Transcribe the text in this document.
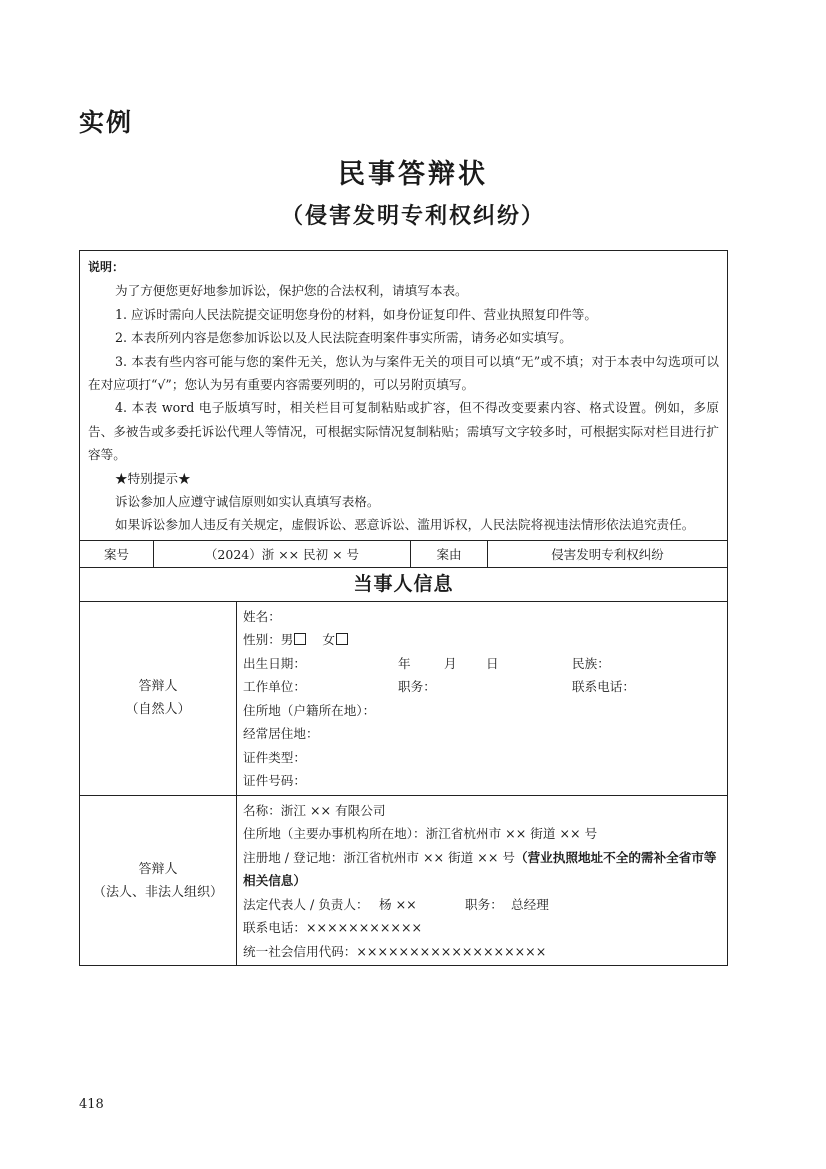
实例
民事答辩状
（侵害发明专利权纠纷）
说明：

为了方便您更好地参加诉讼，保护您的合法权利，请填写本表。

1. 应诉时需向人民法院提交证明您身份的材料，如身份证复印件、营业执照复印件等。

2. 本表所列内容是您参加诉讼以及人民法院查明案件事实所需，请务必如实填写。

3. 本表有些内容可能与您的案件无关，您认为与案件无关的项目可以填“无”或不填；对于本表中勾选项可以在对应项打“√”；您认为另有重要内容需要列明的，可以另附页填写。

4. 本表 word 电子版填写时，相关栏目可复制粘贴或扩容，但不得改变要素内容、格式设置。例如，多原告、多被告或多委托诉讼代理人等情况，可根据实际情况复制粘贴；需填写文字较多时，可根据实际对栏目进行扩容等。

★特别提示★

诉讼参加人应遵守诚信原则如实认真填写表格。

如果诉讼参加人违反有关规定，虚假诉讼、恶意诉讼、滥用诉权，人民法院将视违法情形依法追究责任。

案号	（2024）浙 ×× 民初 × 号	案由	侵害发明专利权纠纷
当事人信息
答辩人
（自然人）
姓名：
性别：男 女
出生日期：	年	月 日	民族：
工作单位：	职务：	联系电话：
住所地（户籍所在地）：
经常居住地：
证件类型：
证件号码：
答辩人
（法人、非法人组织）
名称：浙江 ×× 有限公司
住所地（主要办事机构所在地）：浙江省杭州市 ×× 街道 ×× 号
注册地 / 登记地：浙江省杭州市 ×× 街道 ×× 号（营业执照地址不全的需补全省市等相关信息）
法定代表人 / 负责人： 杨 ××	职务： 总经理
联系电话：×××××××××××
统一社会信用代码：××××××××××××××××××
418
